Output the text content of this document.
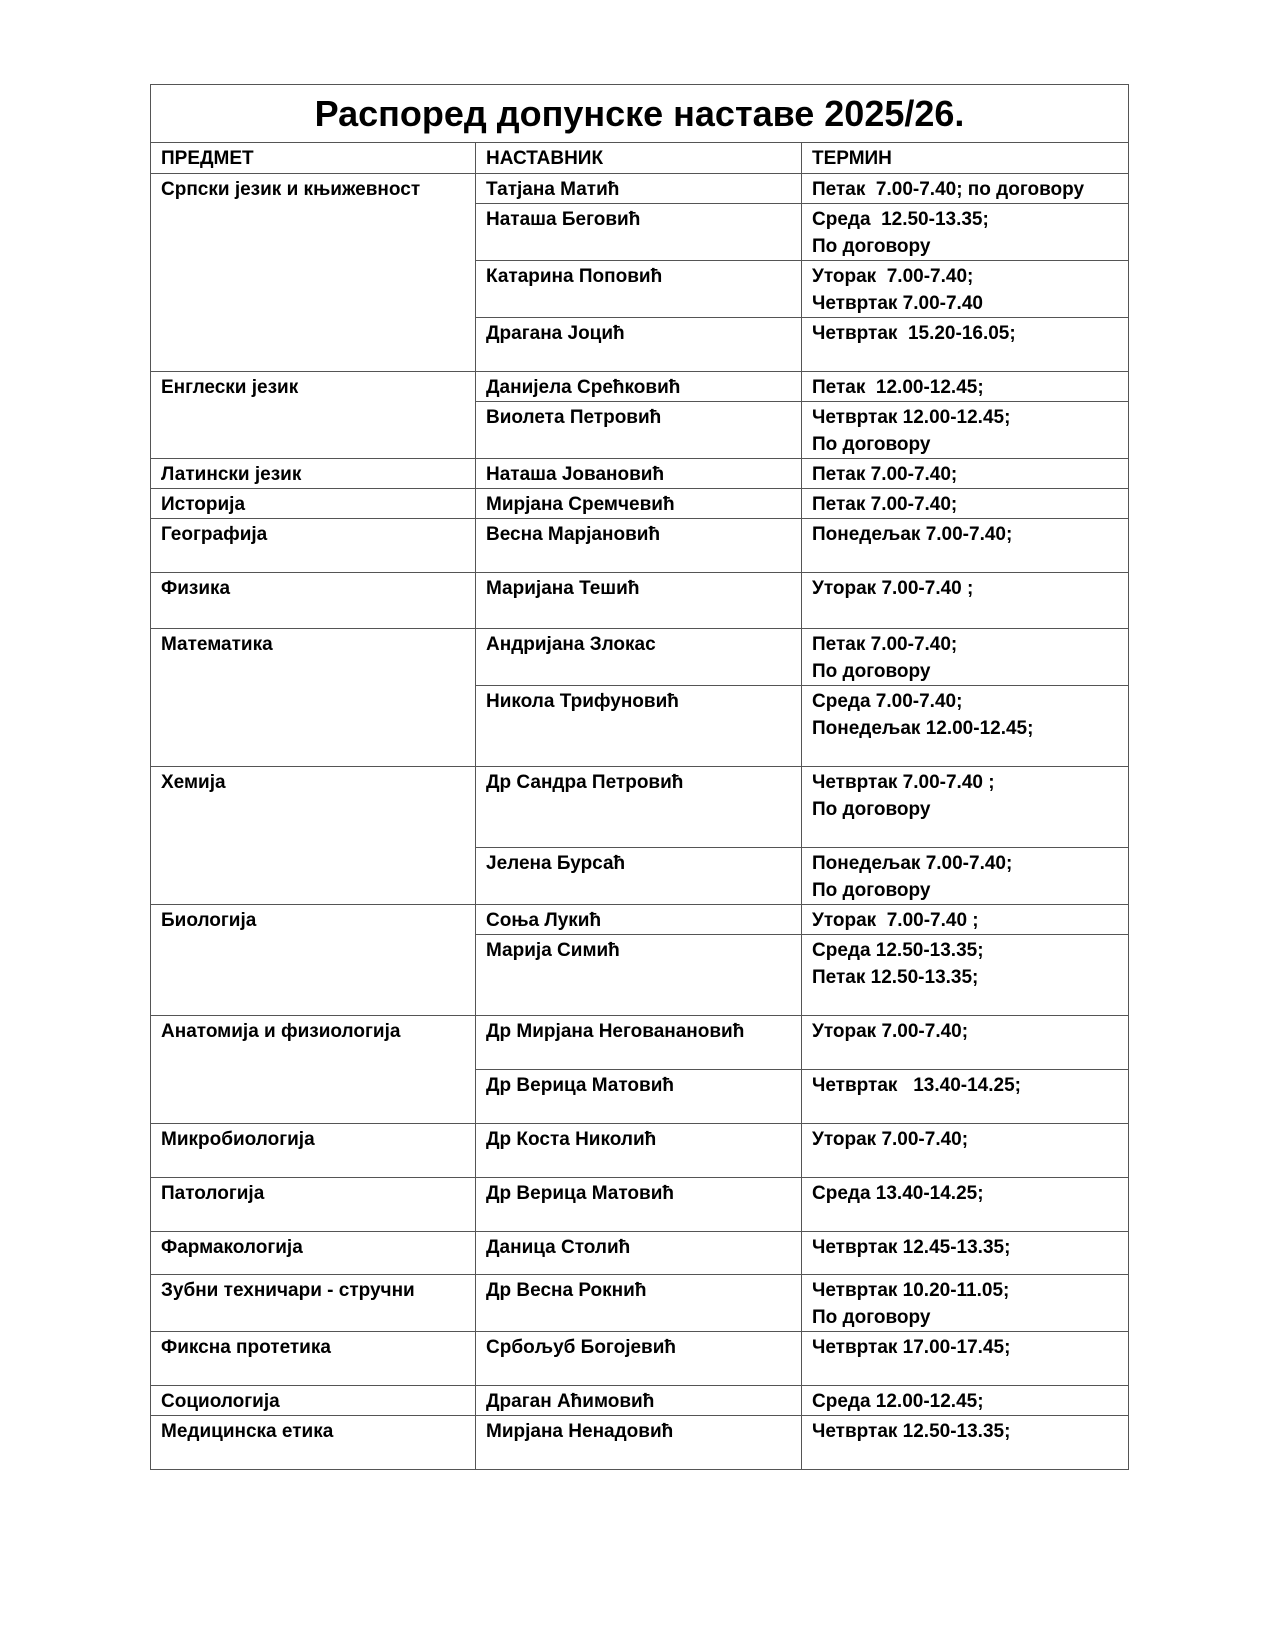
Распоред допунске наставе 2025/26.		
ПРЕДМЕТ	НАСТАВНИК	ТЕРМИН
Српски језик и књижевност	Татјана Матић	Петак  7.00-7.40; по договору

	Наташа Беговић	Среда  12.50-13.35;
По договору

	Катарина Поповић	Уторак  7.00-7.40;
Четвртак 7.00-7.40

	Драгана Јоцић	Четвртак  15.20-16.05;

Енглески језик	Данијела Срећковић	Петак  12.00-12.45;

	Виолета Петровић	Четвртак 12.00-12.45;
По договору

Латински језик	Наташа Јовановић	Петак 7.00-7.40;

Историја	Мирјана Сремчевић	Петак 7.00-7.40;

Географија	Весна Марјановић	Понедељак 7.00-7.40;

Физика	Маријана Тешић	Уторак 7.00-7.40 ;

Математика	Андријана Злокас	Петак 7.00-7.40;
По договору

	Никола Трифуновић	Среда 7.00-7.40;
Понедељак 12.00-12.45;

Хемија	Др Сандра Петровић	Четвртак 7.00-7.40 ;
По договору

	Јелена Бурсаћ	Понедељак 7.00-7.40;
По договору

Биологија	Соња Лукић	Уторак  7.00-7.40 ;

	Марија Симић	Среда 12.50-13.35;
Петак 12.50-13.35;

Анатомија и физиологија	Др Мирјана Негована​новић	Уторак 7.00-7.40;

	Др Верица Матовић	Четвртак   13.40-14.25;

Микробиологија	Др Коста Николић	Уторак 7.00-7.40;

Патологија	Др Верица Матовић	Среда 13.40-14.25;

Фармакологија	Даница Столић	Четвртак 12.45-13.35;

Зубни техничари - стручни	Др Весна Рокнић	Четвртак 10.20-11.05;
По договору

Фиксна протетика	Србољуб Богојевић	Четвртак 17.00-17.45;

Социологија	Драган Аћимовић	Среда 12.00-12.45;

Медицинска етика	Мирјана Ненадовић	Четвртак 12.50-13.35;
